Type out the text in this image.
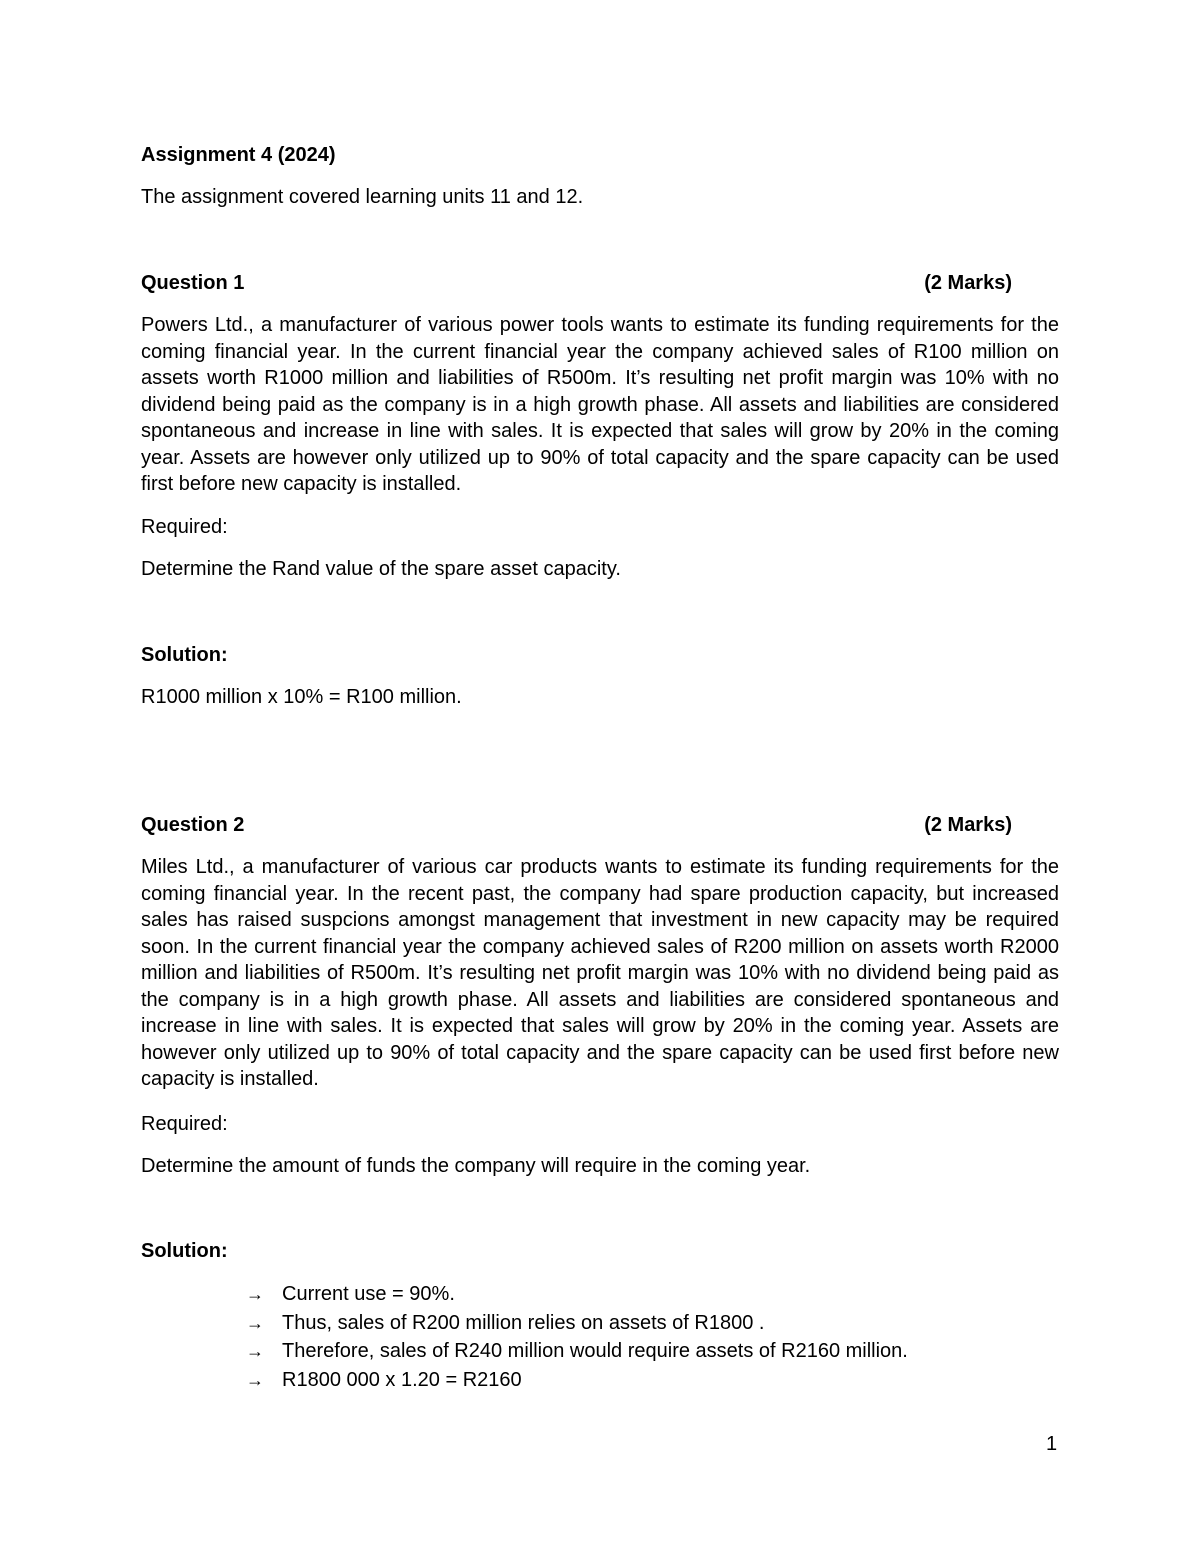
Assignment 4 (2024)

The assignment covered learning units 11 and 12.

Question 1	(2 Marks)

Powers Ltd., a manufacturer of various power tools wants to estimate its funding requirements for the coming financial year. In the current financial year the company achieved sales of R100 million on assets worth R1000 million and liabilities of R500m. It’s resulting net profit margin was 10% with no dividend being paid as the company is in a high growth phase. All assets and liabilities are considered spontaneous and increase in line with sales. It is expected that sales will grow by 20% in the coming year. Assets are however only utilized up to 90% of total capacity and the spare capacity can be used first before new capacity is installed.

Required:

Determine the Rand value of the spare asset capacity.

Solution:

R1000 million x 10% = R100 million.

Question 2	(2 Marks)

Miles Ltd., a manufacturer of various car products wants to estimate its funding requirements for the coming financial year. In the recent past, the company had spare production capacity, but increased sales has raised suspcions amongst management that investment in new capacity may be required soon. In the current financial year the company achieved sales of R200 million on assets worth R2000 million and liabilities of R500m. It’s resulting net profit margin was 10% with no dividend being paid as the company is in a high growth phase. All assets and liabilities are considered spontaneous and increase in line with sales. It is expected that sales will grow by 20% in the coming year. Assets are however only utilized up to 90% of total capacity and the spare capacity can be used first before new capacity is installed.

Required:

Determine the amount of funds the company will require in the coming year.

Solution:

→ Current use = 90%.
→ Thus, sales of R200 million relies on assets of R1800 .
→ Therefore, sales of R240 million would require assets of R2160 million.
→ R1800 000 x 1.20 = R2160
1
